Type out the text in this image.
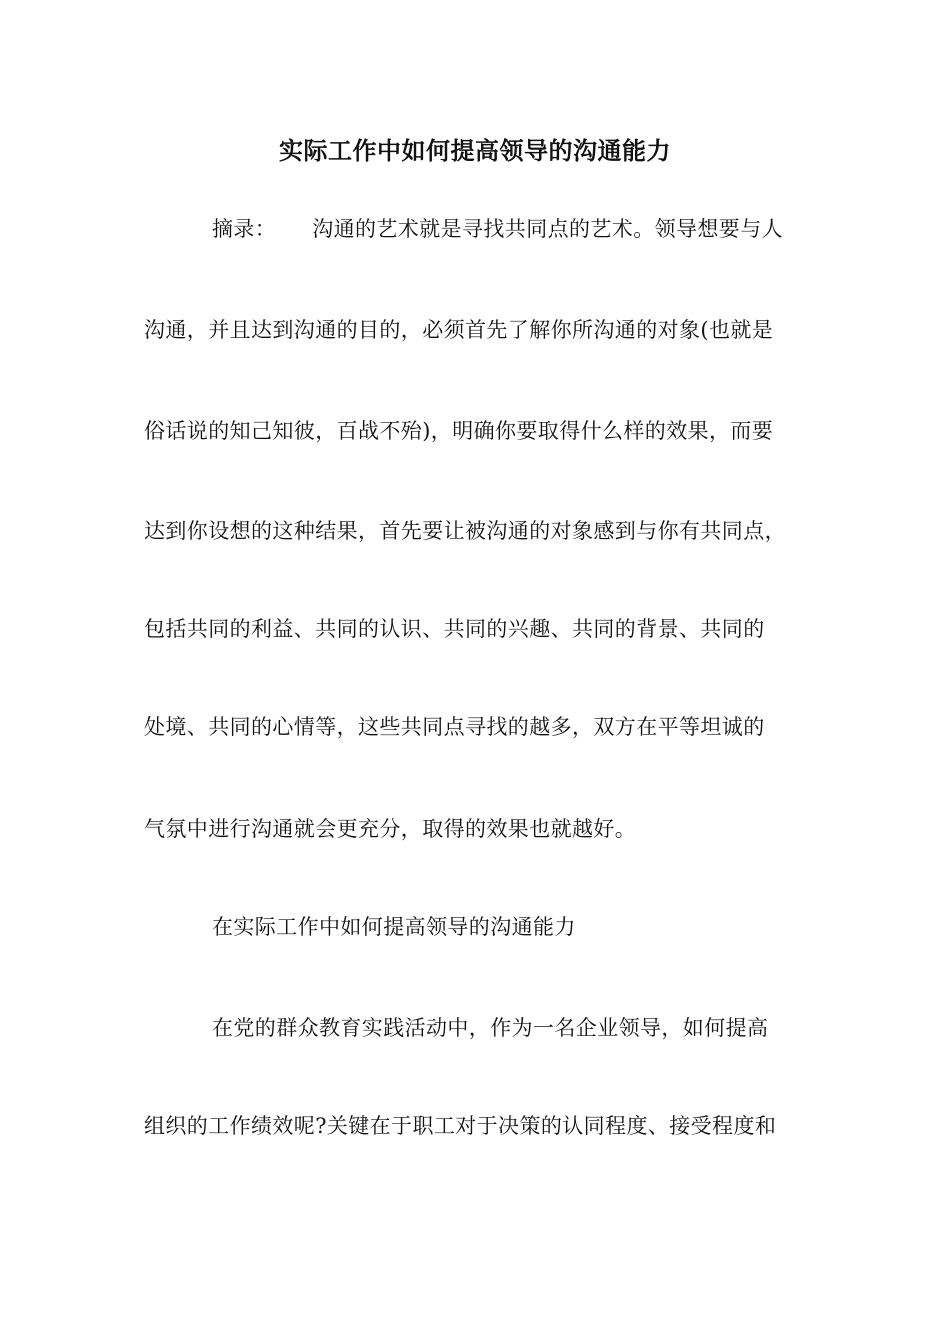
实际工作中如何提高领导的沟通能力
摘录： 沟通的艺术就是寻找共同点的艺术。领导想要与人
沟通，并且达到沟通的目的，必须首先了解你所沟通的对象(也就是
俗话说的知己知彼，百战不殆)，明确你要取得什么样的效果，而要
达到你设想的这种结果，首先要让被沟通的对象感到与你有共同点，
包括共同的利益、共同的认识、共同的兴趣、共同的背景、共同的
处境、共同的心情等，这些共同点寻找的越多，双方在平等坦诚的
气氛中进行沟通就会更充分，取得的效果也就越好。
在实际工作中如何提高领导的沟通能力
在党的群众教育实践活动中，作为一名企业领导，如何提高
组织的工作绩效呢?关键在于职工对于决策的认同程度、接受程度和
